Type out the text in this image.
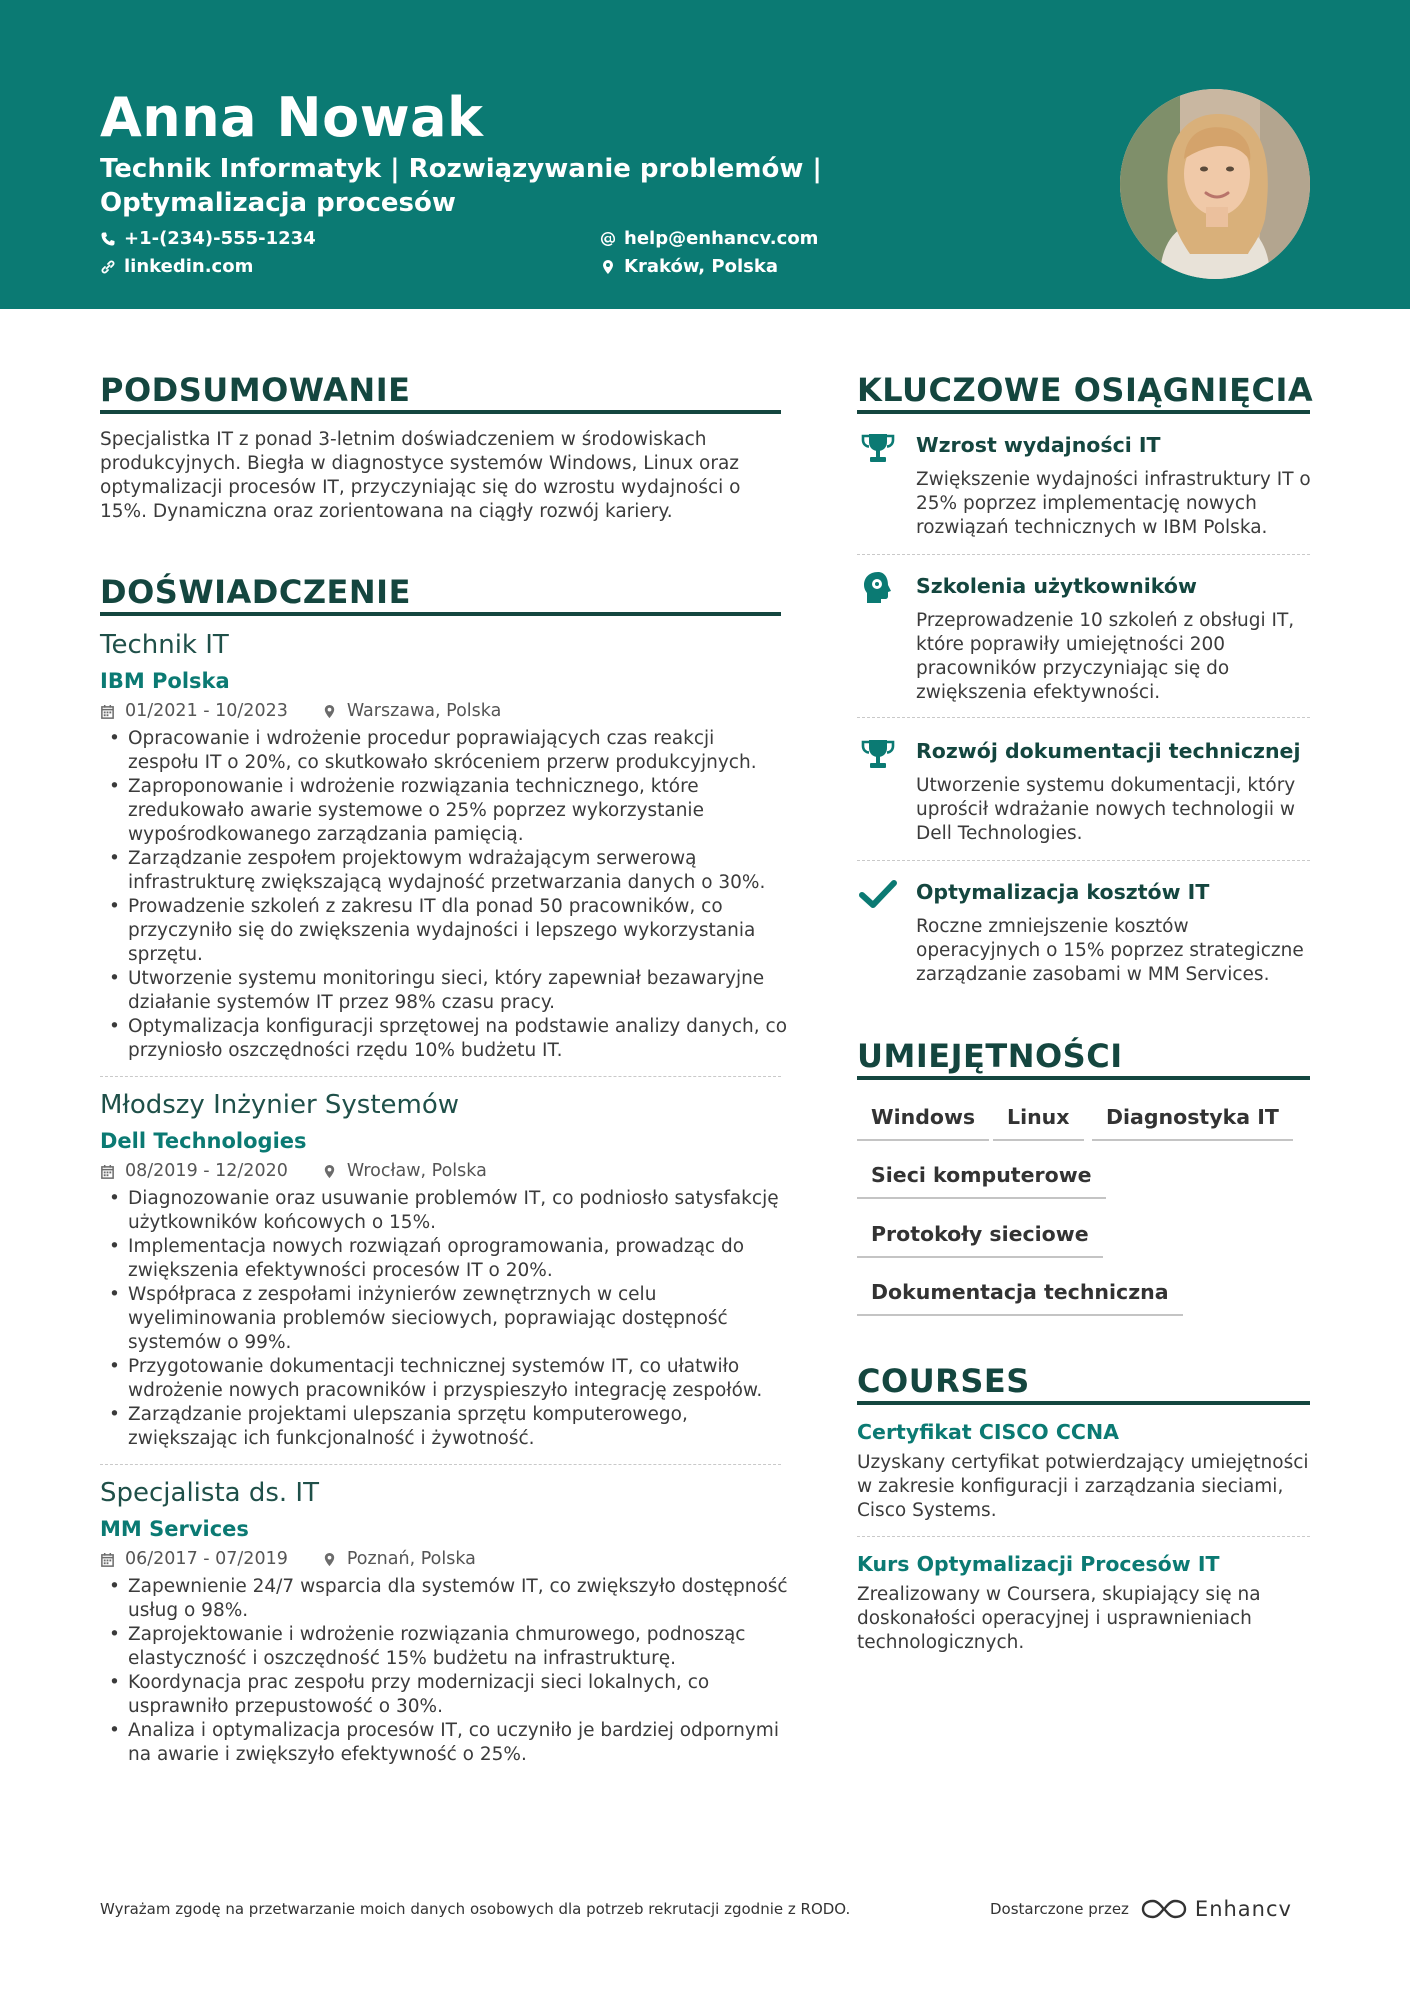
Anna Nowak
Technik Informatyk | Rozwiązywanie problemów | Optymalizacja procesów
+1-(234)-555-1234	help@enhancv.com
linkedin.com	Kraków, Polska
PODSUMOWANIE
Specjalistka IT z ponad 3-letnim doświadczeniem w środowiskach produkcyjnych. Biegła w diagnostyce systemów Windows, Linux oraz optymalizacji procesów IT, przyczyniając się do wzrostu wydajności o 15%. Dynamiczna oraz zorientowana na ciągły rozwój kariery.
DOŚWIADCZENIE
Technik IT
IBM Polska
01/2021 - 10/2023	Warszawa, Polska
• Opracowanie i wdrożenie procedur poprawiających czas reakcji zespołu IT o 20%, co skutkowało skróceniem przerw produkcyjnych.
• Zaproponowanie i wdrożenie rozwiązania technicznego, które zredukowało awarie systemowe o 25% poprzez wykorzystanie wypośrodkowanego zarządzania pamięcią.
• Zarządzanie zespołem projektowym wdrażającym serwerową infrastrukturę zwiększającą wydajność przetwarzania danych o 30%.
• Prowadzenie szkoleń z zakresu IT dla ponad 50 pracowników, co przyczyniło się do zwiększenia wydajności i lepszego wykorzystania sprzętu.
• Utworzenie systemu monitoringu sieci, który zapewniał bezawaryjne działanie systemów IT przez 98% czasu pracy.
• Optymalizacja konfiguracji sprzętowej na podstawie analizy danych, co przyniosło oszczędności rzędu 10% budżetu IT.
Młodszy Inżynier Systemów
Dell Technologies
08/2019 - 12/2020	Wrocław, Polska
• Diagnozowanie oraz usuwanie problemów IT, co podniosło satysfakcję użytkowników końcowych o 15%.
• Implementacja nowych rozwiązań oprogramowania, prowadząc do zwiększenia efektywności procesów IT o 20%.
• Współpraca z zespołami inżynierów zewnętrznych w celu wyeliminowania problemów sieciowych, poprawiając dostępność systemów o 99%.
• Przygotowanie dokumentacji technicznej systemów IT, co ułatwiło wdrożenie nowych pracowników i przyspieszyło integrację zespołów.
• Zarządzanie projektami ulepszania sprzętu komputerowego, zwiększając ich funkcjonalność i żywotność.
Specjalista ds. IT
MM Services
06/2017 - 07/2019	Poznań, Polska
• Zapewnienie 24/7 wsparcia dla systemów IT, co zwiększyło dostępność usług o 98%.
• Zaprojektowanie i wdrożenie rozwiązania chmurowego, podnosząc elastyczność i oszczędność 15% budżetu na infrastrukturę.
• Koordynacja prac zespołu przy modernizacji sieci lokalnych, co usprawniło przepustowość o 30%.
• Analiza i optymalizacja procesów IT, co uczyniło je bardziej odpornymi na awarie i zwiększyło efektywność o 25%.
KLUCZOWE OSIĄGNIĘCIA
Wzrost wydajności IT
Zwiększenie wydajności infrastruktury IT o 25% poprzez implementację nowych rozwiązań technicznych w IBM Polska.
Szkolenia użytkowników
Przeprowadzenie 10 szkoleń z obsługi IT, które poprawiły umiejętności 200 pracowników przyczyniając się do zwiększenia efektywności.
Rozwój dokumentacji technicznej
Utworzenie systemu dokumentacji, który uprościł wdrażanie nowych technologii w Dell Technologies.
Optymalizacja kosztów IT
Roczne zmniejszenie kosztów operacyjnych o 15% poprzez strategiczne zarządzanie zasobami w MM Services.
UMIEJĘTNOŚCI
Windows	Linux	Diagnostyka IT
Sieci komputerowe
Protokoły sieciowe
Dokumentacja techniczna
COURSES
Certyfikat CISCO CCNA
Uzyskany certyfikat potwierdzający umiejętności w zakresie konfiguracji i zarządzania sieciami, Cisco Systems.
Kurs Optymalizacji Procesów IT
Zrealizowany w Coursera, skupiający się na doskonałości operacyjnej i usprawnieniach technologicznych.
Wyrażam zgodę na przetwarzanie moich danych osobowych dla potrzeb rekrutacji zgodnie z RODO.	Dostarczone przez	Enhancv
